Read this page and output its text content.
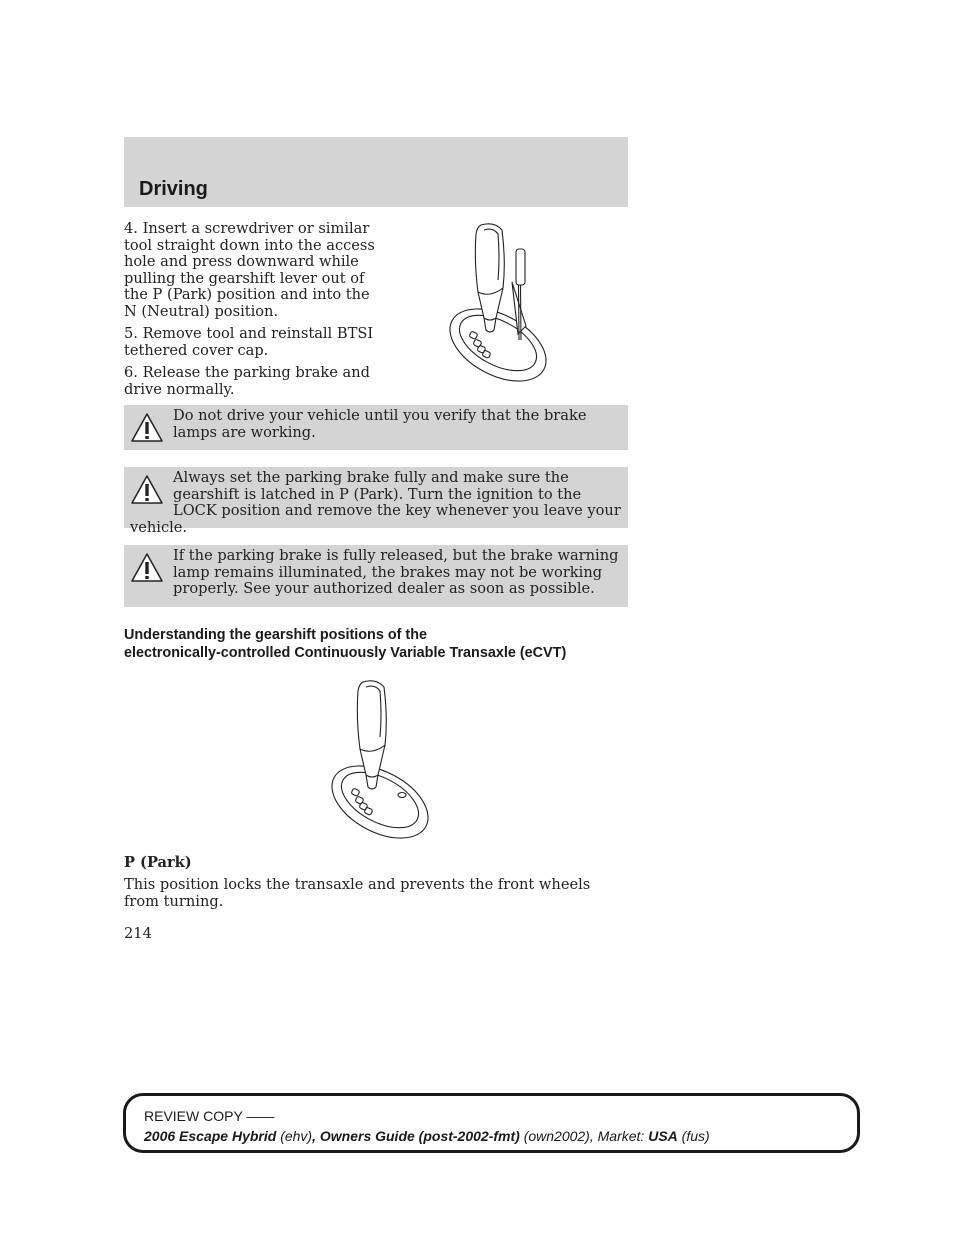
Driving

4. Insert a screwdriver or similar tool straight down into the access hole and press downward while pulling the gearshift lever out of the P (Park) position and into the N (Neutral) position.

5. Remove tool and reinstall BTSI tethered cover cap.

6. Release the parking brake and drive normally.

Do not drive your vehicle until you verify that the brake lamps are working.

Always set the parking brake fully and make sure the gearshift is latched in P (Park). Turn the ignition to the LOCK position and remove the key whenever you leave your vehicle.

If the parking brake is fully released, but the brake warning lamp remains illuminated, the brakes may not be working properly. See your authorized dealer as soon as possible.

Understanding the gearshift positions of the
electronically-controlled Continuously Variable Transaxle (eCVT)

P (Park)

This position locks the transaxle and prevents the front wheels from turning.

214

REVIEW COPY ——

2006 Escape Hybrid (ehv), Owners Guide (post-2002-fmt) (own2002), Market: USA (fus)
